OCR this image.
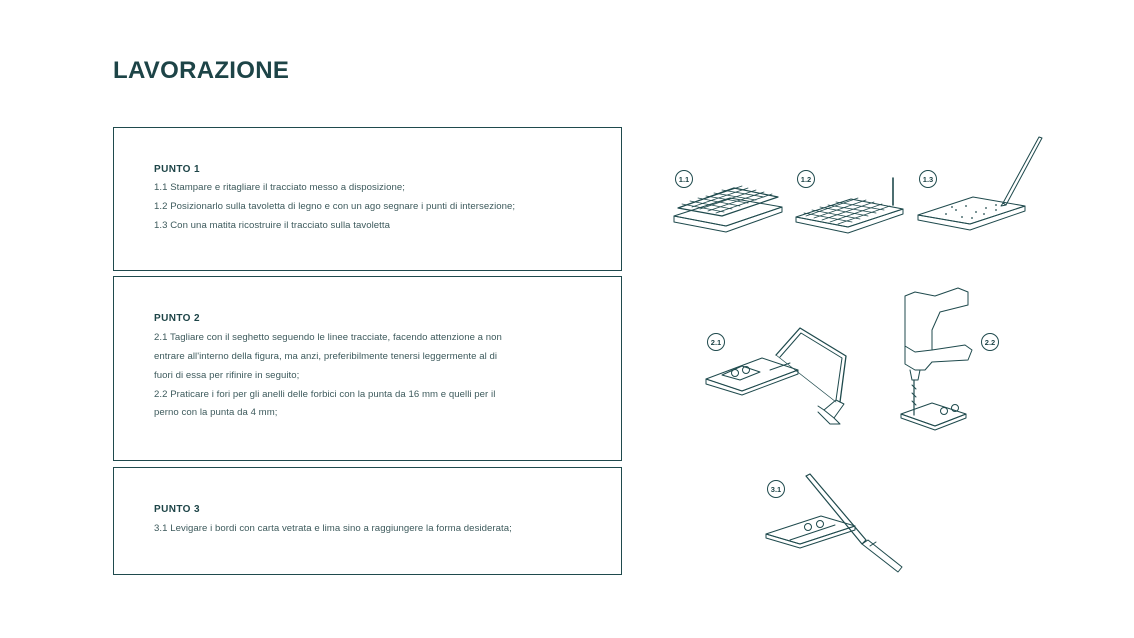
LAVORAZIONE
PUNTO 1
1.1 Stampare e ritagliare il tracciato messo a disposizione;
1.2 Posizionarlo sulla tavoletta di legno e con un ago segnare i punti di intersezione;
1.3 Con una matita ricostruire il tracciato sulla tavoletta
PUNTO 2
2.1 Tagliare con il seghetto seguendo le linee tracciate, facendo attenzione a non
entrare all'interno della figura, ma anzi, preferibilmente tenersi leggermente al di
fuori di essa per rifinire in seguito;
2.2 Praticare i fori per gli anelli delle forbici con la punta da 16 mm e quelli per il
perno con la punta da 4 mm;
PUNTO 3
3.1 Levigare i bordi con carta vetrata e lima sino a raggiungere la forma desiderata;
1.1	1.2	1.3
2.1	2.2
3.1
